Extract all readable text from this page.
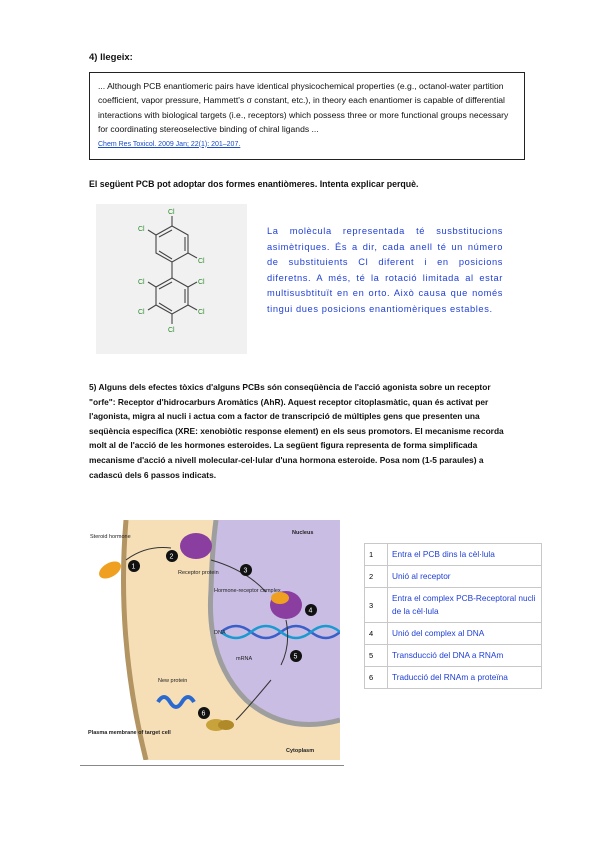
4) llegeix:
... Although PCB enantiomeric pairs have identical physicochemical properties (e.g., octanol-water partition coefficient, vapor pressure, Hammett's σ constant, etc.), in theory each enantiomer is capable of differential interactions with biological targets (i.e., receptors) which possess three or more functional groups necessary for coordinating stereoselective binding of chiral ligands ...
Chem Res Toxicol. 2009 Jan; 22(1): 201–207.
El següent PCB pot adoptar dos formes enantiòmeres. Intenta explicar perquè.
Cl
Cl
Cl
Cl	Cl
Cl	Cl
Cl
La molècula representada té susbstitucions asimètriques. És a dir, cada anell té un número de substituients Cl diferent i en posicions diferetns. A més, té la rotació limitada al estar multisusbtituït en en orto. Això causa que només tingui dues posicions enantiomèriques estables.
5) Alguns dels efectes tòxics d'alguns PCBs són conseqüència de l'acció agonista sobre un receptor "orfe": Receptor d'hidrocarburs Aromàtics (AhR). Aquest receptor citoplasmàtic, quan és activat per l'agonista, migra al nucli i actua com a factor de transcripció de múltiples gens que presenten una seqüència específica (XRE: xenobiòtic response element) en els seus promotors. El mecanisme recorda molt al de l'acció de les hormones esteroides. La següent figura representa de forma simplificada mecanisme d'acció a nivell molecular-cel·lular d'una hormona esteroide. Posa nom (1-5 paraules) a cadascú dels 6 passos indicats.
1
2
3
4
5
6
Steroid hormone
Receptor protein
Nucleus
Hormone-receptor complex
DNA
mRNA
New protein
Plasma membrane of target cell
Cytoplasm
1	Entra el PCB dins la cèl·lula
2	Unió al receptor
3	Entra el complex PCB-Receptoral nucli de la cèl·lula
4	Unió del complex al DNA
5	Transducció del DNA a RNAm
6	Traducció del RNAm a proteïna
